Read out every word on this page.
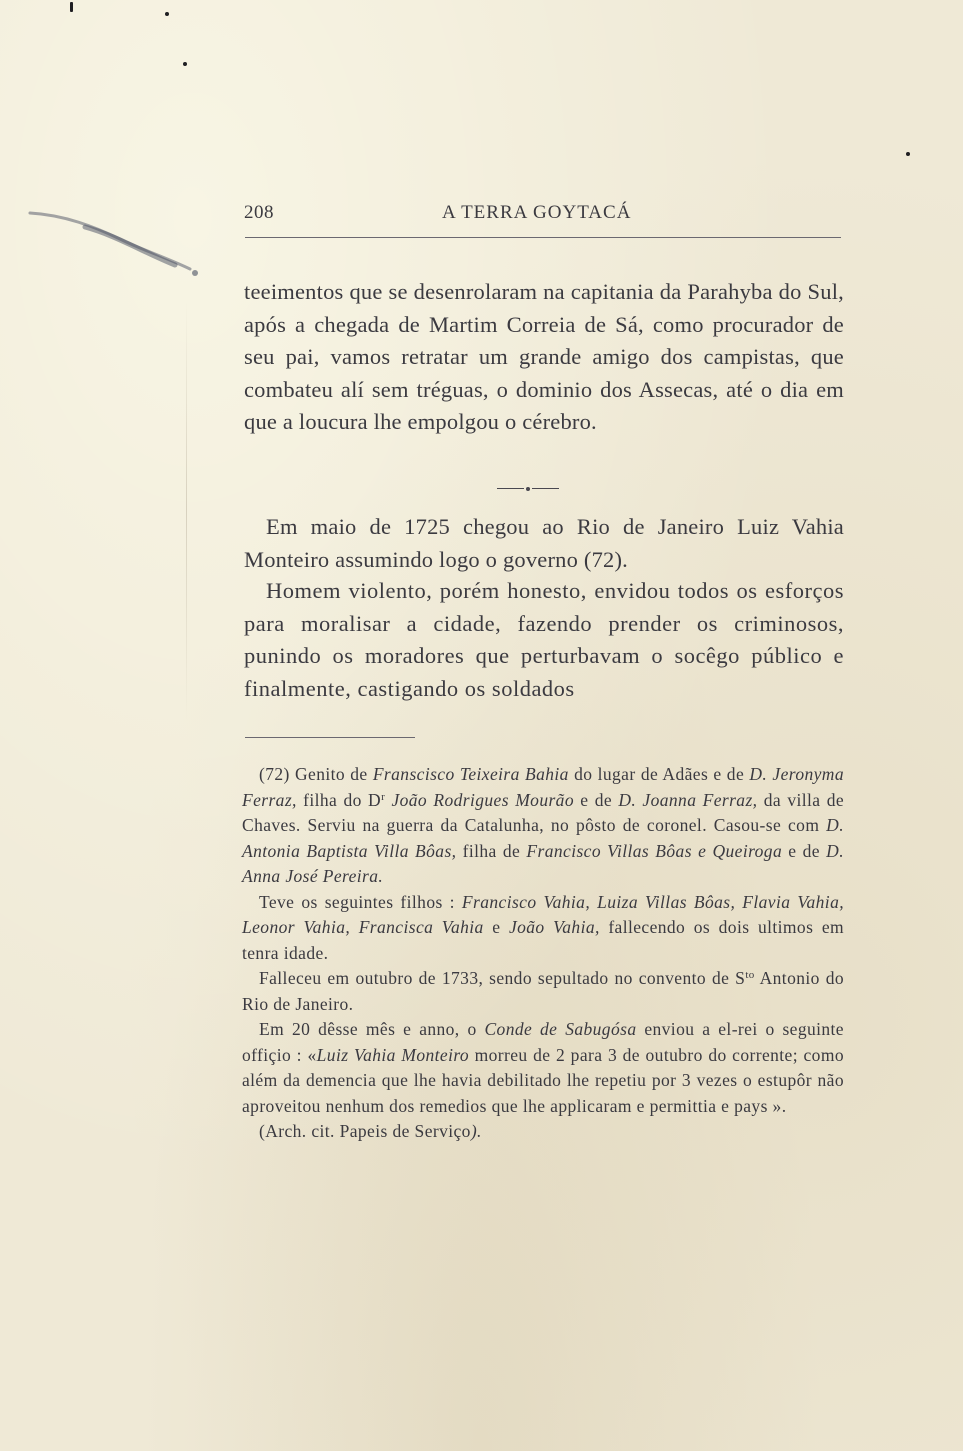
208	A TERRA GOYTACÁ
teeimentos que se desenrolaram na capitania da Parahyba do Sul, após a chegada de Martim Correia de Sá, como procurador de seu pai, vamos retratar um grande amigo dos campistas, que combateu alí sem tréguas, o dominio dos Assecas, até o dia em que a loucura lhe empolgou o cérebro.
Em maio de 1725 chegou ao Rio de Janeiro Luiz Vahia Monteiro assumindo logo o governo (72).
Homem violento, porém honesto, envidou todos os esforços para moralisar a cidade, fazendo prender os criminosos, punindo os moradores que perturbavam o socêgo público e finalmente, castigando os soldados

(72) Genito de Franscisco Teixeira Bahia do lugar de Adães e de D. Jeronyma Ferraz, filha do $D^r$ João Rodrigues Mourão e de D. Joanna Ferraz, da villa de Chaves. Serviu na guerra da Catalunha, no pôsto de coronel. Casou-se com D. Antonia Baptista Villa Bôas, filha de Francisco Villas Bôas e Queiroga e de D. Anna José Pereira.

Teve os seguintes filhos : Francisco Vahia, Luiza Villas Bôas, Flavia Vahia, Leonor Vahia, Francisca Vahia e João Vahia, fallecendo os dois ultimos em tenra idade.

Falleceu em outubro de 1733, sendo sepultado no convento de $S^{to}$ Antonio do Rio de Janeiro.

Em 20 dêsse mês e anno, o Conde de Sabugósa enviou a el-rei o seguinte offiçio : «Luiz Vahia Monteiro morreu de 2 para 3 de outubro do corrente; como além da demencia que lhe havia debilitado lhe repetiu por 3 vezes o estupôr não aproveitou nenhum dos remedios que lhe applicaram e permittia e pays ».

(Arch. cit. Papeis de Serviço).
